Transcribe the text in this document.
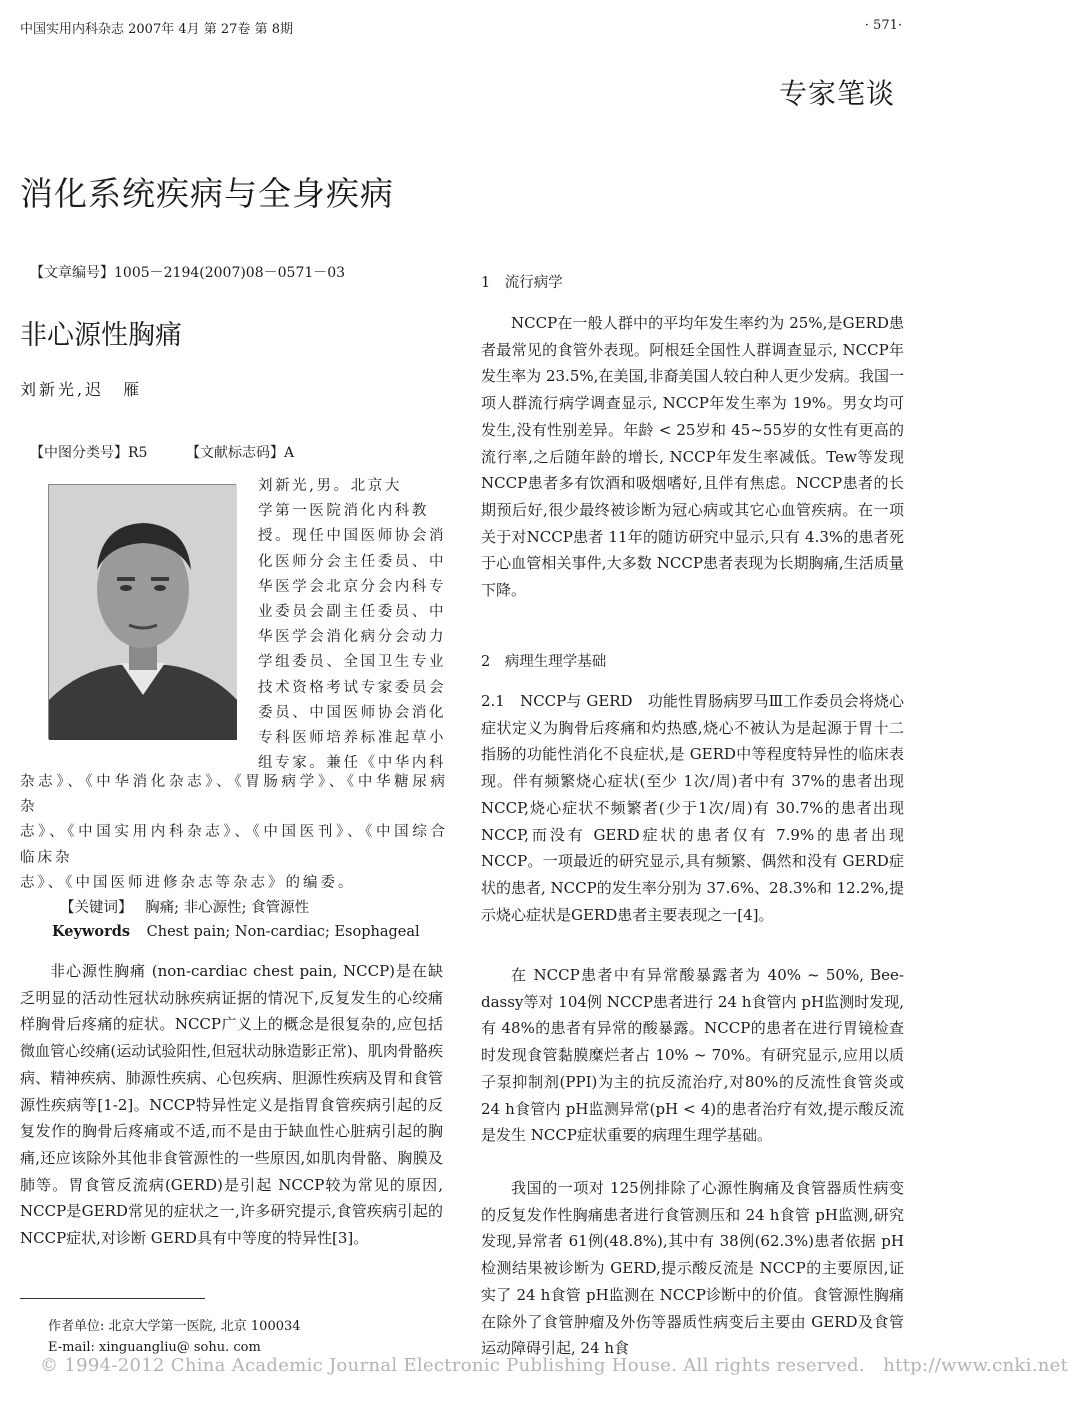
中国实用内科杂志 2007年 4月 第 27卷 第 8期	· 571·
专家笔谈
消化系统疾病与全身疾病
【文章编号】1005－2194(2007)08－0571－03
非心源性胸痛
刘新光,迟　雁
【中图分类号】R5	【文献标志码】A
刘新光,男。北京大
学第一医院消化内科教
授。现任中国医师协会消
化医师分会主任委员、中
华医学会北京分会内科专
业委员会副主任委员、中
华医学会消化病分会动力
学组委员、全国卫生专业
技术资格考试专家委员会
委员、中国医师协会消化
专科医师培养标准起草小
组专家。兼任《中华内科
杂志》、《中华消化杂志》、《胃肠病学》、《中华糖尿病杂
志》、《中国实用内科杂志》、《中国医刊》、《中国综合临床杂
志》、《中国医师进修杂志等杂志》的编委。
【关键词】 胸痛; 非心源性; 食管源性
Keywords Chest pain; Non-cardiac; Esophageal
非心源性胸痛 (non-cardiac chest pain, NCCP)是在缺乏明显的活动性冠状动脉疾病证据的情况下,反复发生的心绞痛样胸骨后疼痛的症状。NCCP广义上的概念是很复杂的,应包括微血管心绞痛(运动试验阳性,但冠状动脉造影正常)、肌肉骨骼疾病、精神疾病、肺源性疾病、心包疾病、胆源性疾病及胃和食管源性疾病等[1-2]。NCCP特异性定义是指胃食管疾病引起的反复发作的胸骨后疼痛或不适,而不是由于缺血性心脏病引起的胸痛,还应该除外其他非食管源性的一些原因,如肌肉骨骼、胸膜及肺等。胃食管反流病(GERD)是引起 NCCP较为常见的原因, NCCP是GERD常见的症状之一,许多研究提示,食管疾病引起的NCCP症状,对诊断 GERD具有中等度的特异性[3]。
作者单位: 北京大学第一医院, 北京 100034
E-mail: xinguangliu@ sohu. com
1　流行病学
NCCP在一般人群中的平均年发生率约为 25%,是GERD患者最常见的食管外表现。阿根廷全国性人群调查显示, NCCP年发生率为 23.5%,在美国,非裔美国人较白种人更少发病。我国一项人群流行病学调查显示, NCCP年发生率为 19%。男女均可发生,没有性别差异。年龄 < 25岁和 45~55岁的女性有更高的流行率,之后随年龄的增长, NCCP年发生率减低。Tew等发现 NCCP患者多有饮酒和吸烟嗜好,且伴有焦虑。NCCP患者的长期预后好,很少最终被诊断为冠心病或其它心血管疾病。在一项关于对NCCP患者 11年的随访研究中显示,只有 4.3%的患者死于心血管相关事件,大多数 NCCP患者表现为长期胸痛,生活质量下降。
2　病理生理学基础
2.1　NCCP与 GERD　功能性胃肠病罗马Ⅲ工作委员会将烧心症状定义为胸骨后疼痛和灼热感,烧心不被认为是起源于胃十二指肠的功能性消化不良症状,是 GERD中等程度特异性的临床表现。伴有频繁烧心症状(至少 1次/周)者中有 37%的患者出现 NCCP,烧心症状不频繁者(少于1次/周)有 30.7%的患者出现 NCCP,而没有 GERD症状的患者仅有 7.9%的患者出现 NCCP。一项最近的研究显示,具有频繁、偶然和没有 GERD症状的患者, NCCP的发生率分别为 37.6%、28.3%和 12.2%,提示烧心症状是GERD患者主要表现之一[4]。
在 NCCP患者中有异常酸暴露者为 40% ~ 50%, Bee-dassy等对 104例 NCCP患者进行 24 h食管内 pH监测时发现,有 48%的患者有异常的酸暴露。NCCP的患者在进行胃镜检查时发现食管黏膜糜烂者占 10% ~ 70%。有研究显示,应用以质子泵抑制剂(PPI)为主的抗反流治疗,对80%的反流性食管炎或 24 h食管内 pH监测异常(pH < 4)的患者治疗有效,提示酸反流是发生 NCCP症状重要的病理生理学基础。
我国的一项对 125例排除了心源性胸痛及食管器质性病变的反复发作性胸痛患者进行食管测压和 24 h食管 pH监测,研究发现,异常者 61例(48.8%),其中有 38例(62.3%)患者依据 pH检测结果被诊断为 GERD,提示酸反流是 NCCP的主要原因,证实了 24 h食管 pH监测在 NCCP诊断中的价值。食管源性胸痛在除外了食管肿瘤及外伤等器质性病变后主要由 GERD及食管运动障碍引起, 24 h食
© 1994-2012 China Academic Journal Electronic Publishing House. All rights reserved.　http://www.cnki.net
